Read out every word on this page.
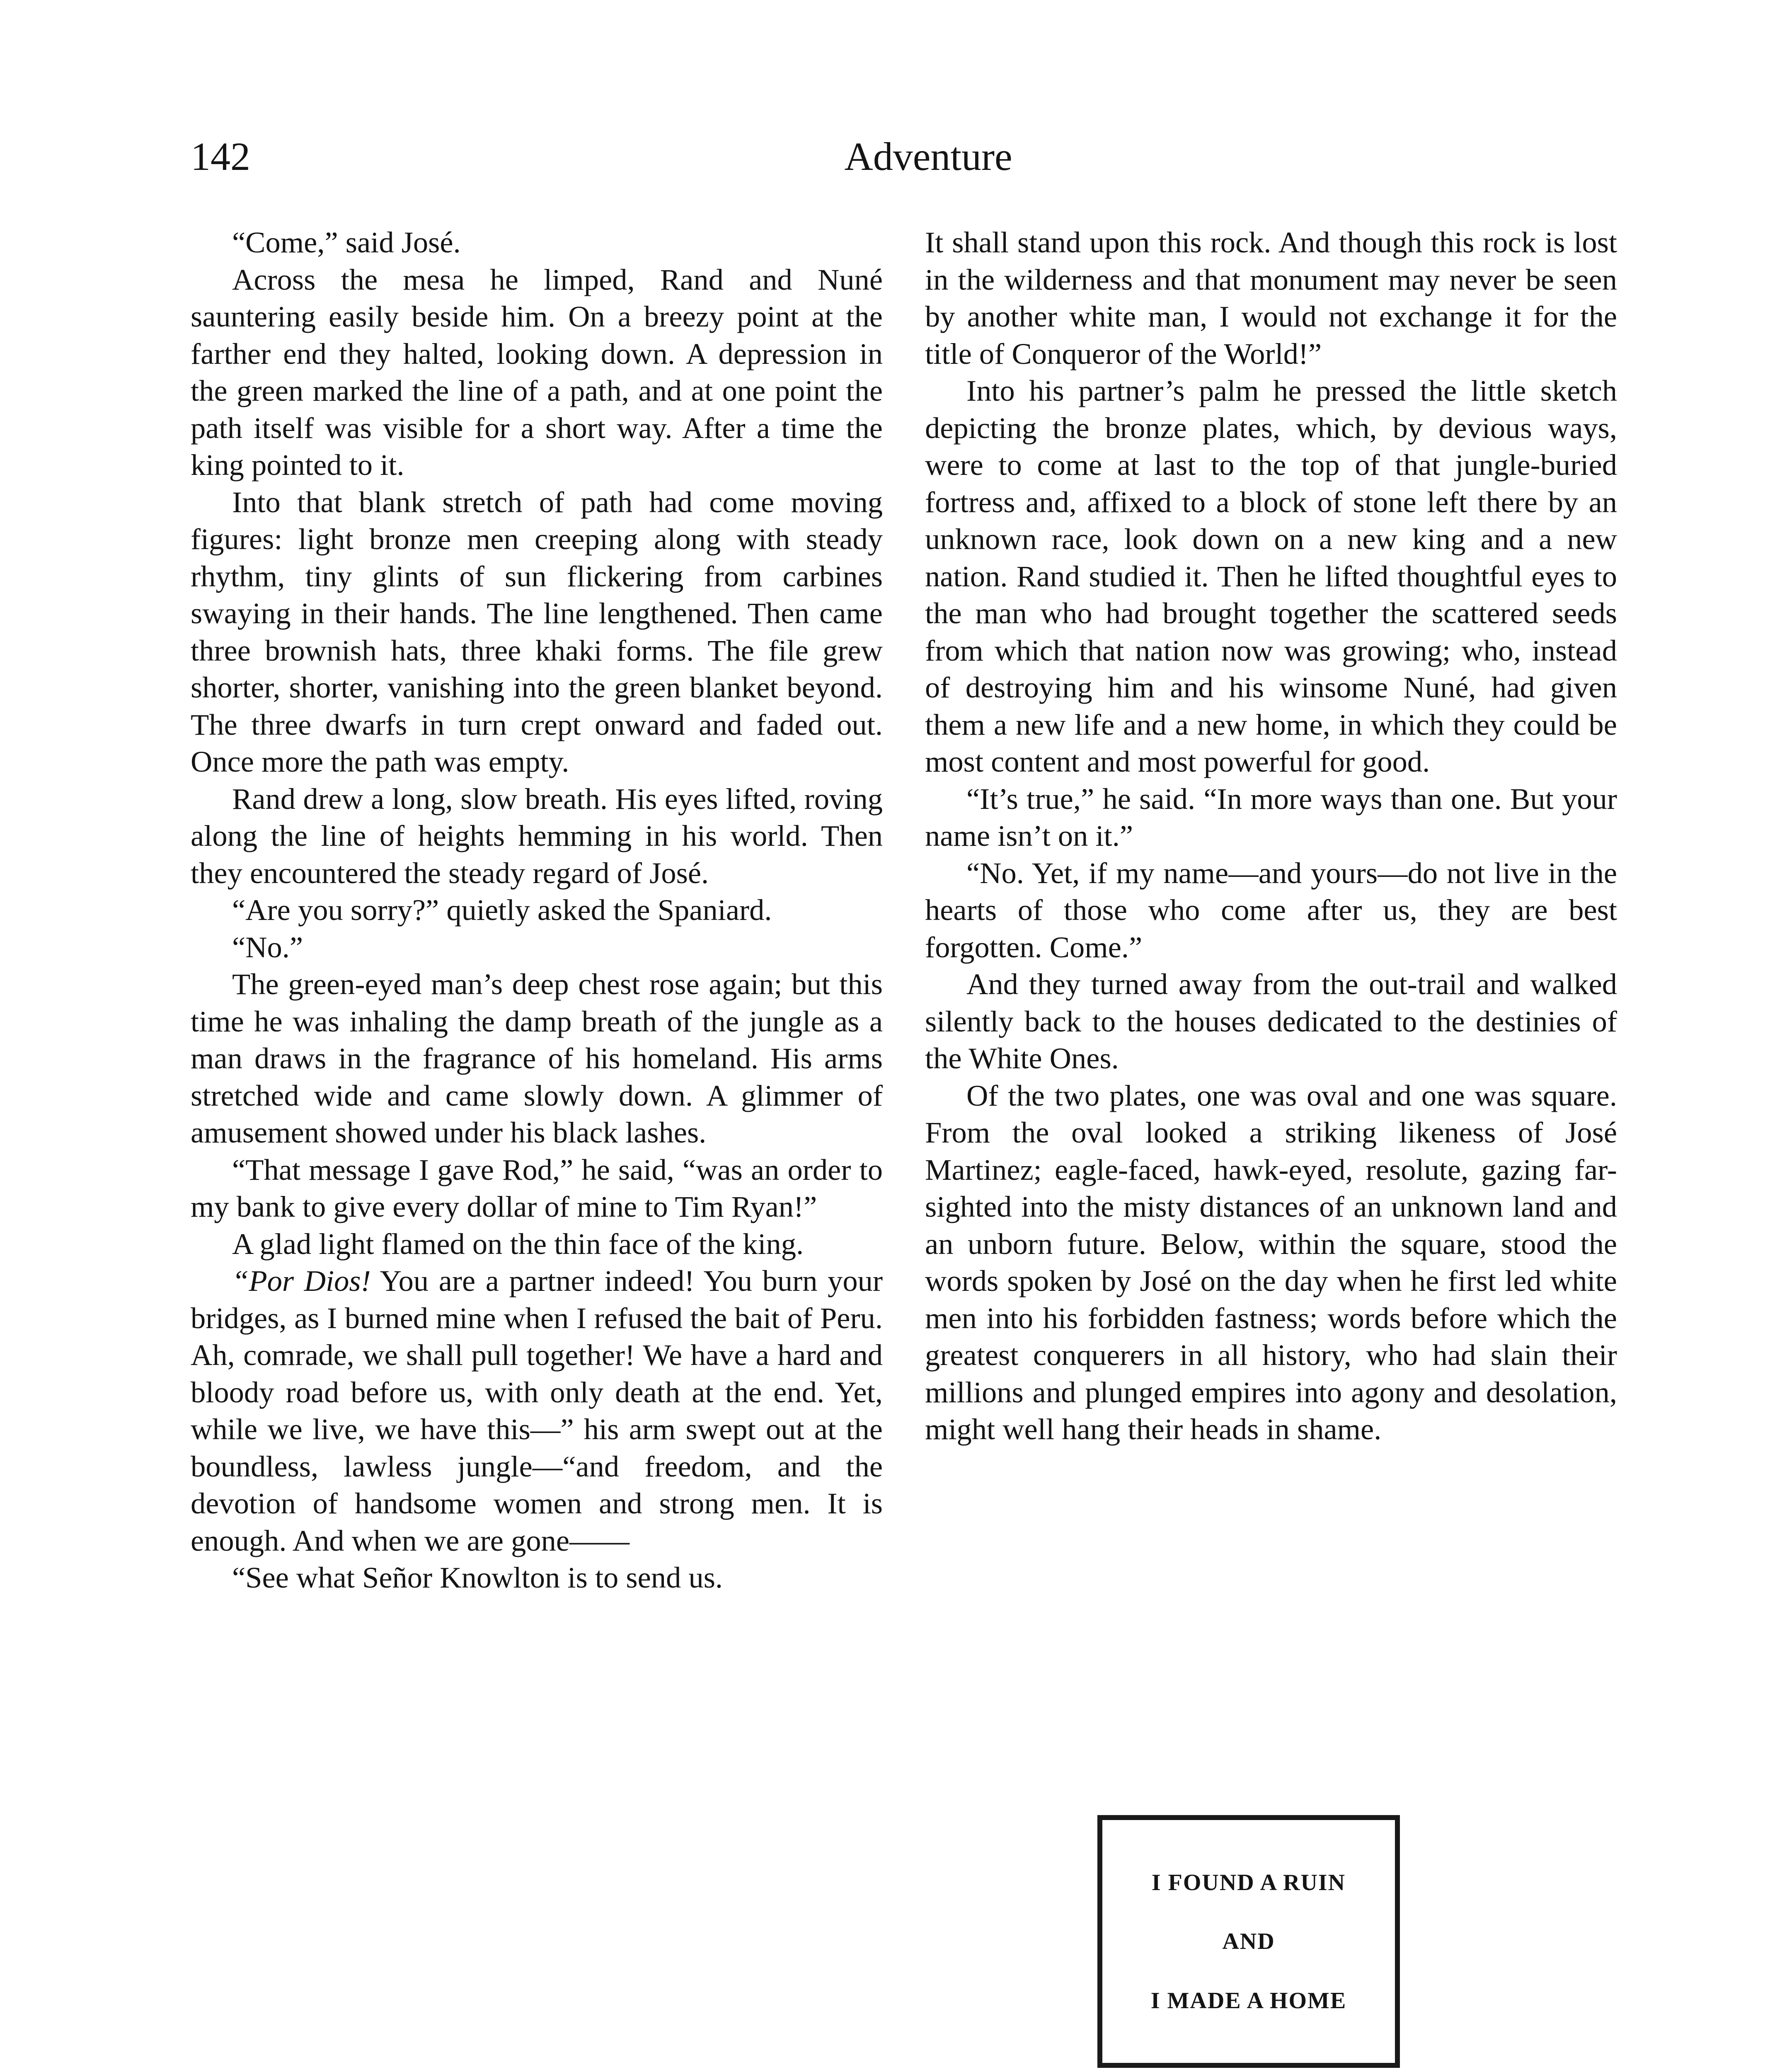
142	Adventure

“Come,” said José.

Across the mesa he limped, Rand and Nuné sauntering easily beside him. On a breezy point at the farther end they halted, looking down. A depression in the green marked the line of a path, and at one point the path itself was visible for a short way. After a time the king pointed to it.

Into that blank stretch of path had come moving figures: light bronze men creeping along with steady rhythm, tiny glints of sun flickering from carbines swaying in their hands. The line lengthened. Then came three brownish hats, three khaki forms. The file grew shorter, shorter, vanishing into the green blanket beyond. The three dwarfs in turn crept onward and faded out. Once more the path was empty.

Rand drew a long, slow breath. His eyes lifted, roving along the line of heights hemming in his world. Then they encountered the steady regard of José.

“Are you sorry?” quietly asked the Spaniard.

“No.”

The green-eyed man’s deep chest rose again; but this time he was inhaling the damp breath of the jungle as a man draws in the fragrance of his homeland. His arms stretched wide and came slowly down. A glimmer of amusement showed under his black lashes.

“That message I gave Rod,” he said, “was an order to my bank to give every dollar of mine to Tim Ryan!”

A glad light flamed on the thin face of the king.

“Por Dios! You are a partner indeed! You burn your bridges, as I burned mine when I refused the bait of Peru. Ah, comrade, we shall pull together! We have a hard and bloody road before us, with only death at the end. Yet, while we live, we have this—” his arm swept out at the boundless, lawless jungle—“and freedom, and the devotion of handsome women and strong men. It is enough. And when we are gone——

“See what Señor Knowlton is to send us.

It shall stand upon this rock. And though this rock is lost in the wilderness and that monument may never be seen by another white man, I would not exchange it for the title of Conqueror of the World!”

Into his partner’s palm he pressed the little sketch depicting the bronze plates, which, by devious ways, were to come at last to the top of that jungle-buried fortress and, affixed to a block of stone left there by an unknown race, look down on a new king and a new nation. Rand studied it. Then he lifted thoughtful eyes to the man who had brought together the scattered seeds from which that nation now was growing; who, instead of destroying him and his winsome Nuné, had given them a new life and a new home, in which they could be most content and most powerful for good.

“It’s true,” he said. “In more ways than one. But your name isn’t on it.”

“No. Yet, if my name—and yours—do not live in the hearts of those who come after us, they are best forgotten. Come.”

And they turned away from the out-trail and walked silently back to the houses dedicated to the destinies of the White Ones.

Of the two plates, one was oval and one was square. From the oval looked a striking likeness of José Martinez; eagle-faced, hawk-eyed, resolute, gazing far-sighted into the misty distances of an unknown land and an unborn future. Below, within the square, stood the words spoken by José on the day when he first led white men into his forbidden fastness; words before which the greatest conquerers in all history, who had slain their millions and plunged empires into agony and desolation, might well hang their heads in shame.

I FOUND A RUIN
AND
I MADE A HOME
